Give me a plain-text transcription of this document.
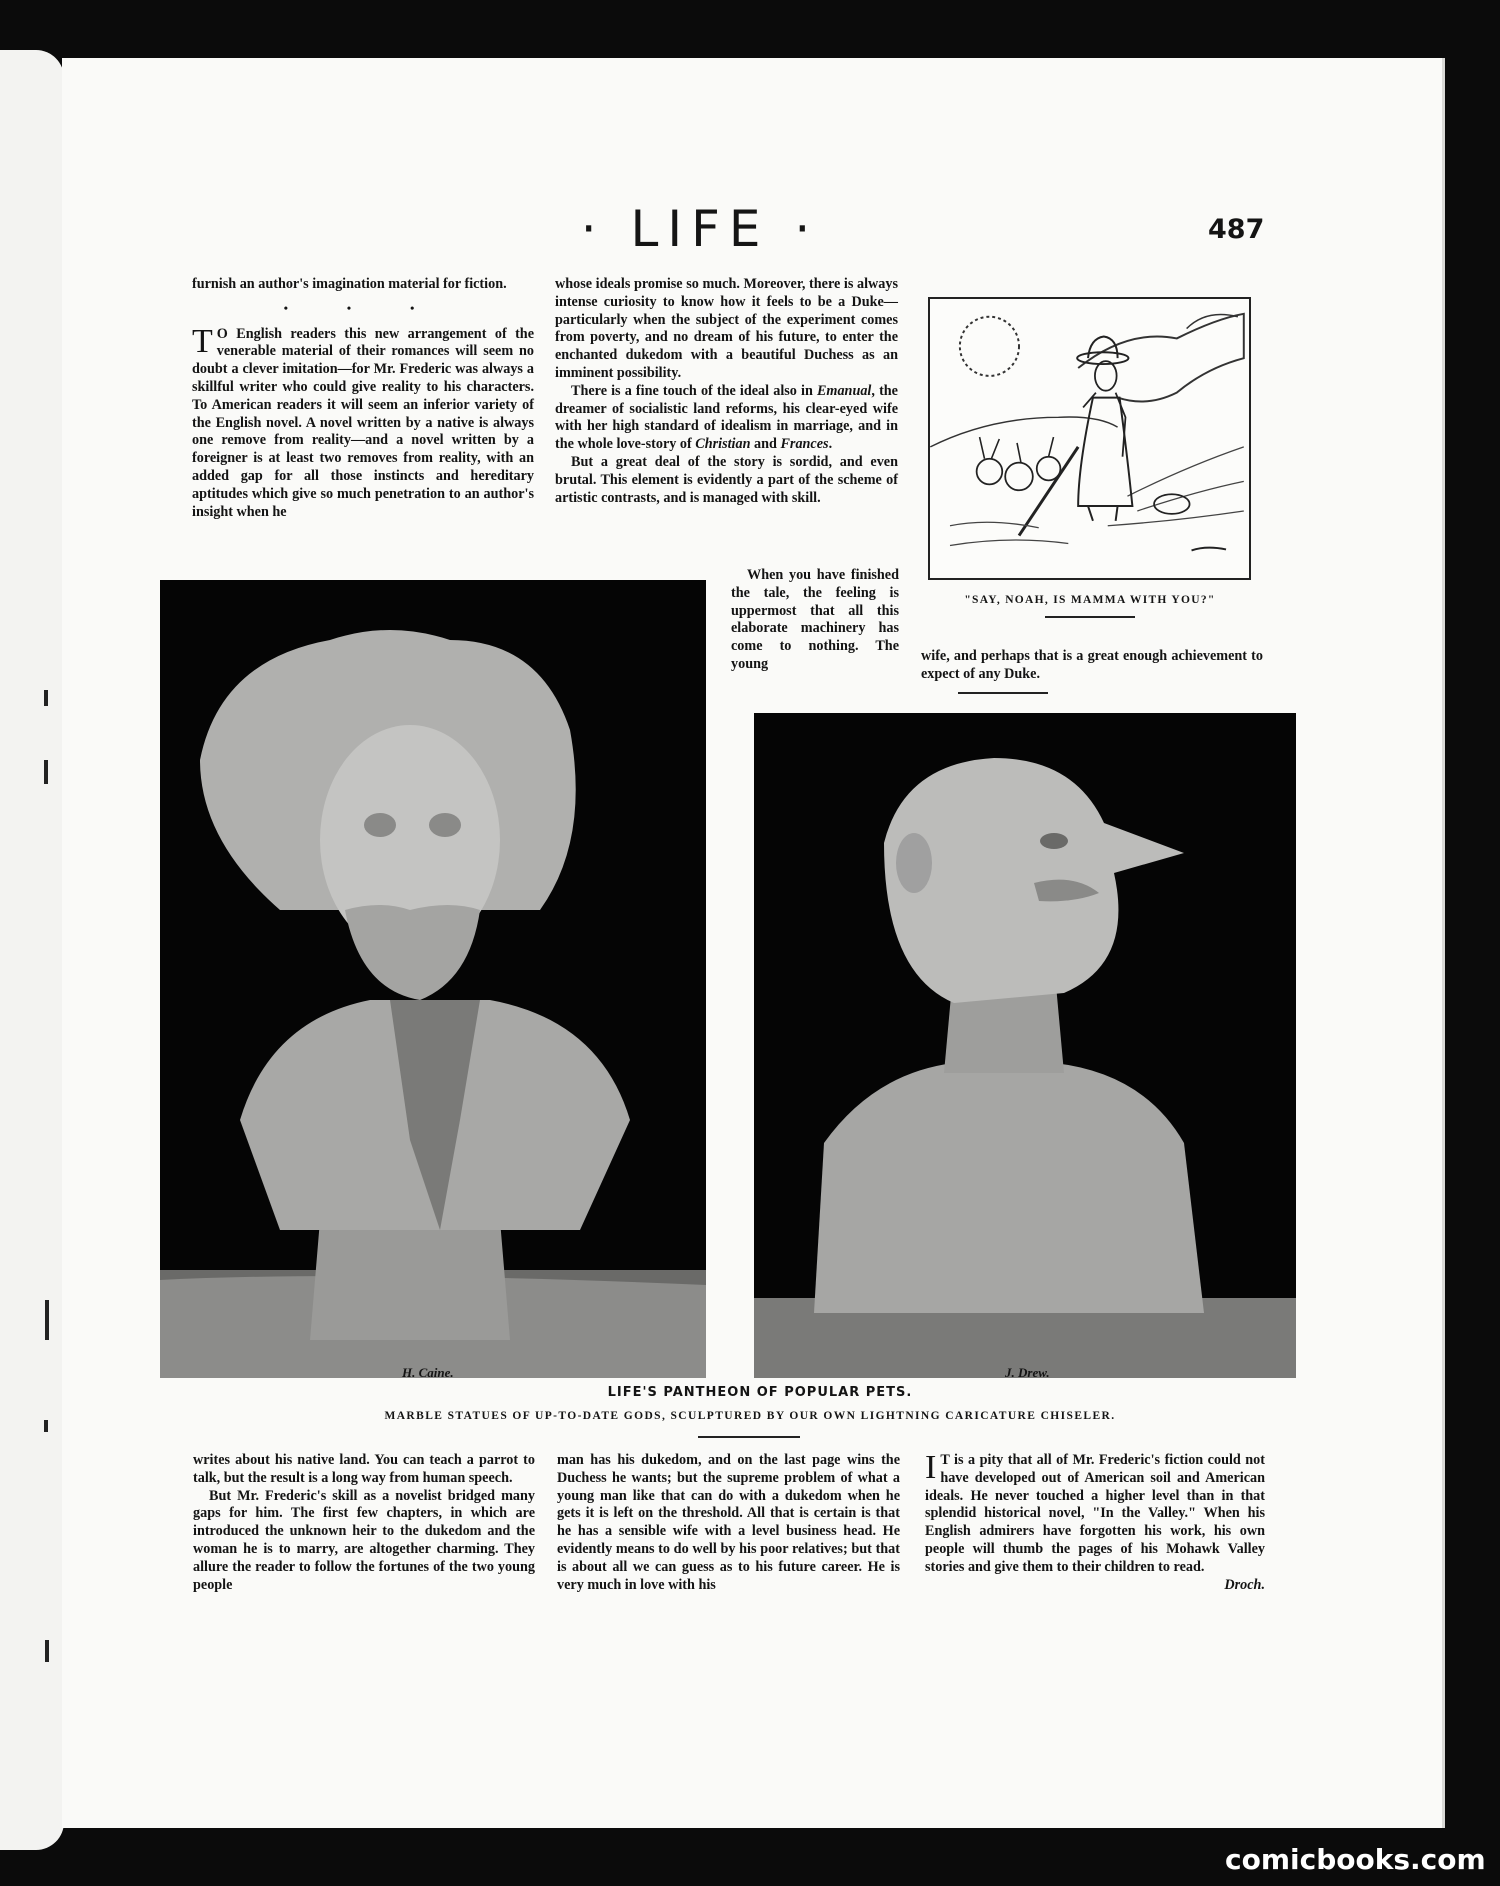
· LIFE ·	487

furnish an author's imagination material for fiction.

• • •

T O English readers this new arrangement of the venerable material of their romances will seem no doubt a clever imitation—for Mr. Frederic was always a skillful writer who could give reality to his characters. To American readers it will seem an inferior variety of the English novel. A novel written by a native is always one remove from reality—and a novel written by a foreigner is at least two removes from reality, with an added gap for all those instincts and hereditary aptitudes which give so much penetration to an author's insight when he

whose ideals promise so much. Moreover, there is always intense curiosity to know how it feels to be a Duke—particularly when the subject of the experiment comes from poverty, and no dream of his future, to enter the enchanted dukedom with a beautiful Duchess as an imminent possibility.

There is a fine touch of the ideal also in Emanual, the dreamer of socialistic land reforms, his clear-eyed wife with her high standard of idealism in marriage, and in the whole love-story of Christian and Frances.

But a great deal of the story is sordid, and even brutal. This element is evidently a part of the scheme of artistic contrasts, and is managed with skill.

When you have finished the tale, the feeling is uppermost that all this elaborate machinery has come to nothing. The young

"SAY, NOAH, IS MAMMA WITH YOU?"

wife, and perhaps that is a great enough achievement to expect of any Duke.

H. Caine.	J. Drew.
LIFE'S PANTHEON OF POPULAR PETS.
MARBLE STATUES OF UP-TO-DATE GODS, SCULPTURED BY OUR OWN LIGHTNING CARICATURE CHISELER.

writes about his native land. You can teach a parrot to talk, but the result is a long way from human speech.

But Mr. Frederic's skill as a novelist bridged many gaps for him. The first few chapters, in which are introduced the unknown heir to the dukedom and the woman he is to marry, are altogether charming. They allure the reader to follow the fortunes of the two young people

man has his dukedom, and on the last page wins the Duchess he wants; but the supreme problem of what a young man like that can do with a dukedom when he gets it is left on the threshold. All that is certain is that he has a sensible wife with a level business head. He evidently means to do well by his poor relatives; but that is about all we can guess as to his future career. He is very much in love with his

I T is a pity that all of Mr. Frederic's fiction could not have developed out of American soil and American ideals. He never touched a higher level than in that splendid historical novel, "In the Valley." When his English admirers have forgotten his work, his own people will thumb the pages of his Mohawk Valley stories and give them to their children to read.

Droch.

comicbooks.com
